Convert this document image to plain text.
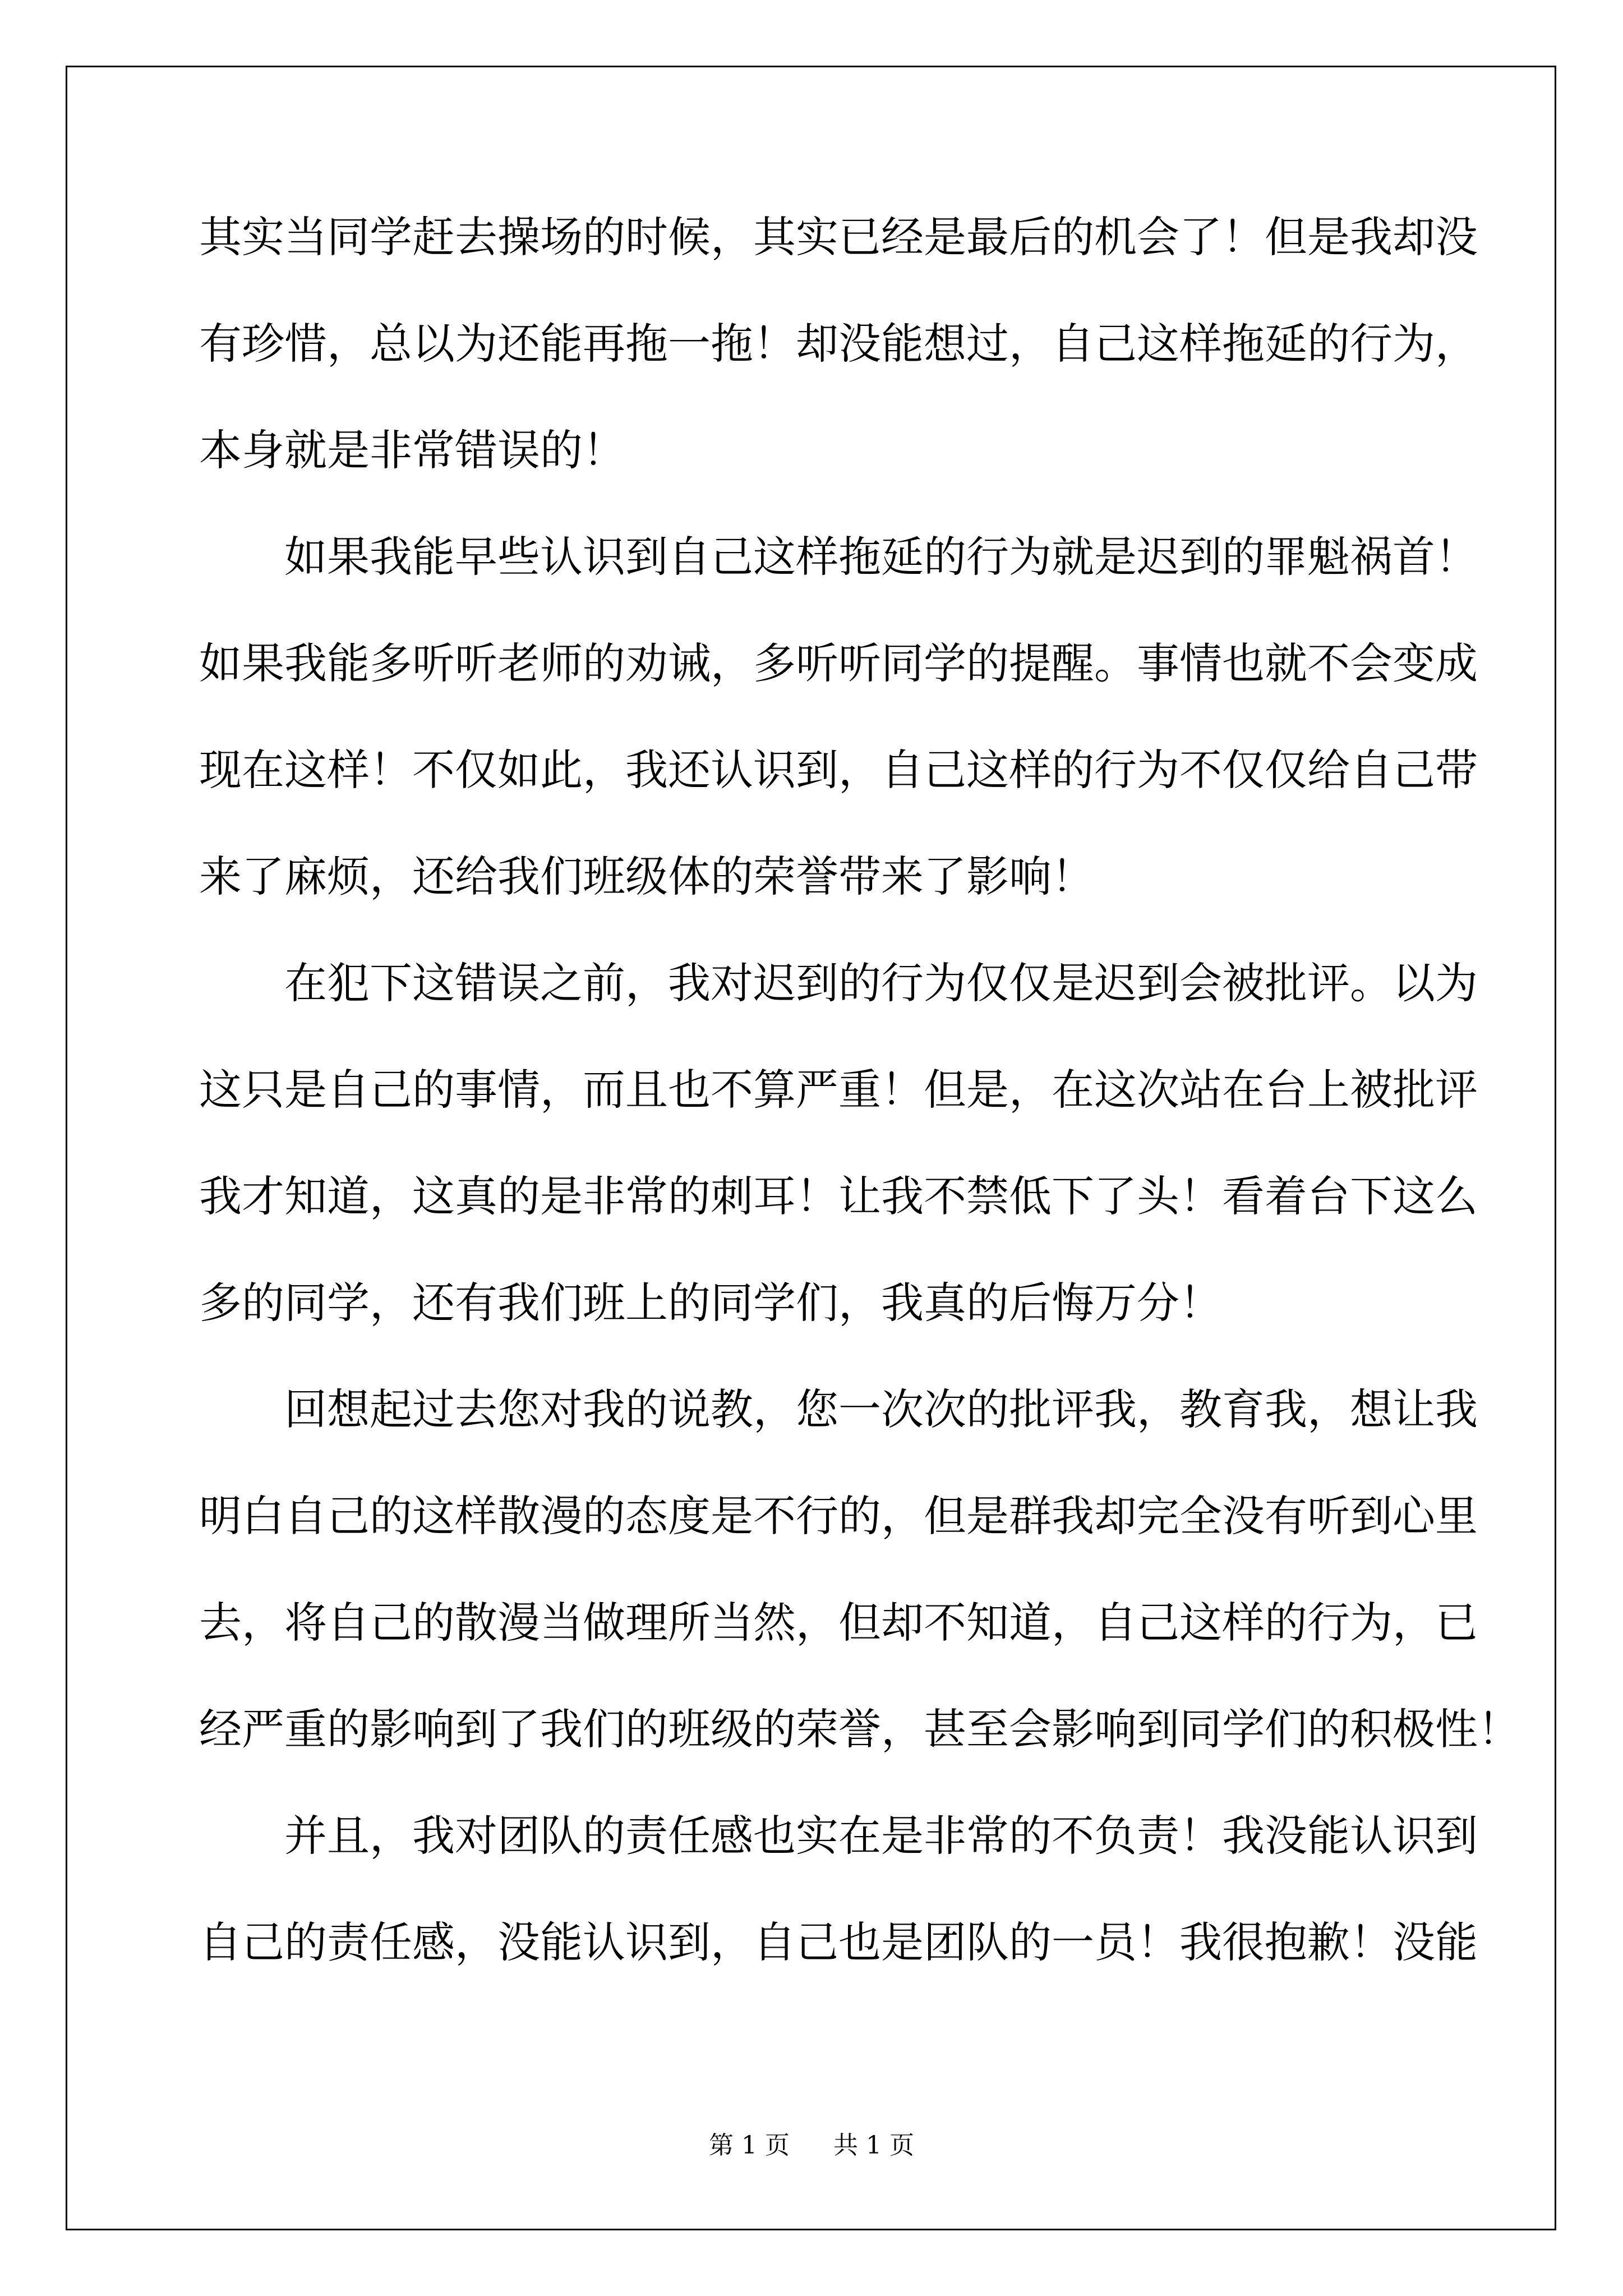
其实当同学赶去操场的时候，其实已经是最后的机会了！但是我却没
有珍惜，总以为还能再拖一拖！却没能想过，自己这样拖延的行为，
本身就是非常错误的！
如果我能早些认识到自己这样拖延的行为就是迟到的罪魁祸首！
如果我能多听听老师的劝诫，多听听同学的提醒。事情也就不会变成
现在这样！不仅如此，我还认识到，自己这样的行为不仅仅给自己带
来了麻烦，还给我们班级体的荣誉带来了影响！
在犯下这错误之前，我对迟到的行为仅仅是迟到会被批评。以为
这只是自己的事情，而且也不算严重！但是，在这次站在台上被批评
我才知道，这真的是非常的刺耳！让我不禁低下了头！看着台下这么
多的同学，还有我们班上的同学们，我真的后悔万分！
回想起过去您对我的说教，您一次次的批评我，教育我，想让我
明白自己的这样散漫的态度是不行的，但是群我却完全没有听到心里
去，将自己的散漫当做理所当然，但却不知道，自己这样的行为，已
经严重的影响到了我们的班级的荣誉，甚至会影响到同学们的积极性！
并且，我对团队的责任感也实在是非常的不负责！我没能认识到
自己的责任感，没能认识到，自己也是团队的一员！我很抱歉！没能
第 1 页 共 1 页
